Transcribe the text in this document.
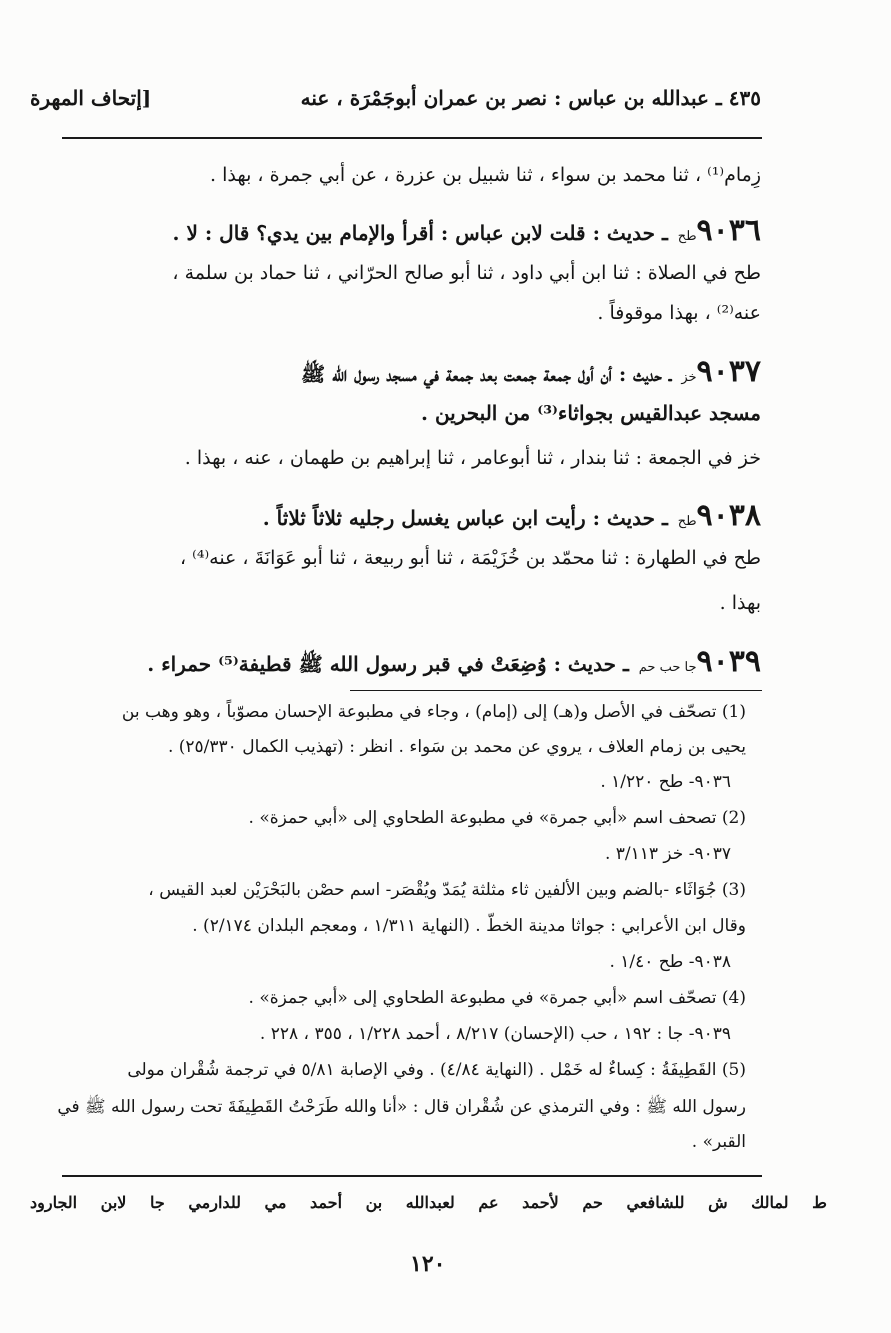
٤٣٥ ـ عبدالله بن عباس : نصر بن عمران أبوجَمْرَة ، عنه
[إتحاف المهرة
زِمام⁽¹⁾ ، ثنا محمد بن سواء ، ثنا شبيل بن عزرة ، عن أبي جمرة ، بهذا .
٩٠٣٦طح ـ حديث : قلت لابن عباس : أقرأ والإمام بين يدي؟ قال : لا .
طح في الصلاة : ثنا ابن أبي داود ، ثنا أبو صالح الحرّاني ، ثنا حماد بن سلمة ،
عنه⁽²⁾ ، بهذا موقوفاً .
٩٠٣٧خز ـ حديث : أن أول جمعة جمعت بعد جمعة في مسجد رسول الله ﷺ
مسجد عبدالقيس بجواثاء⁽³⁾ من البحرين .
خز في الجمعة : ثنا بندار ، ثنا أبوعامر ، ثنا إبراهيم بن طهمان ، عنه ، بهذا .
٩٠٣٨طح ـ حديث : رأيت ابن عباس يغسل رجليه ثلاثاً ثلاثاً .
طح في الطهارة : ثنا محمّد بن خُزَيْمَة ، ثنا أبو ربيعة ، ثنا أبو عَوَانَةَ ، عنه⁽⁴⁾ ،
بهذا .
٩٠٣٩جا حب حم ـ حديث : وُضِعَتْ في قبر رسول الله ﷺ قطيفة⁽⁵⁾ حمراء .
(1) تصحّف في الأصل و(هـ) إلى (إمام) ، وجاء في مطبوعة الإحسان مصوّباً ، وهو وهب بن
يحيى بن زمام العلاف ، يروي عن محمد بن سَواء . انظر : (تهذيب الكمال ٢٥/٣٣٠) .
٩٠٣٦- طح ١/٢٢٠ .
(2) تصحف اسم «أبي جمرة» في مطبوعة الطحاوي إلى «أبي حمزة» .
٩٠٣٧- خز ٣/١١٣ .
(3) جُوَاثَاء -بالضم وبين الألفين ثاء مثلثة يُمَدّ ويُقْصَر- اسم حصْن بالبَحْرَيْن لعبد القيس ،
وقال ابن الأعرابي : جواثا مدينة الخطّ . (النهاية ١/٣١١ ، ومعجم البلدان ٢/١٧٤) .
٩٠٣٨- طح ١/٤٠ .
(4) تصحّف اسم «أبي جمرة» في مطبوعة الطحاوي إلى «أبي جمزة» .
٩٠٣٩- جا : ١٩٢ ، حب (الإحسان) ٨/٢١٧ ، أحمد ١/٢٢٨ ، ٣٥٥ ، ٢٢٨ .
(5) القَطِيفَةُ : كِساءٌ له خَمْل . (النهاية ٤/٨٤) . وفي الإصابة ٥/٨١ في ترجمة شُقْران مولى
رسول الله ﷺ : وفي الترمذي عن شُقْران قال : «أنا والله طَرَحْتُ القَطِيفَةَ تحت رسول الله ﷺ في
القبر» .
ط لمالك ش للشافعي حم لأحمد عم لعبدالله بن أحمد مي للدارمي جا لابن الجارود
١٢٠
